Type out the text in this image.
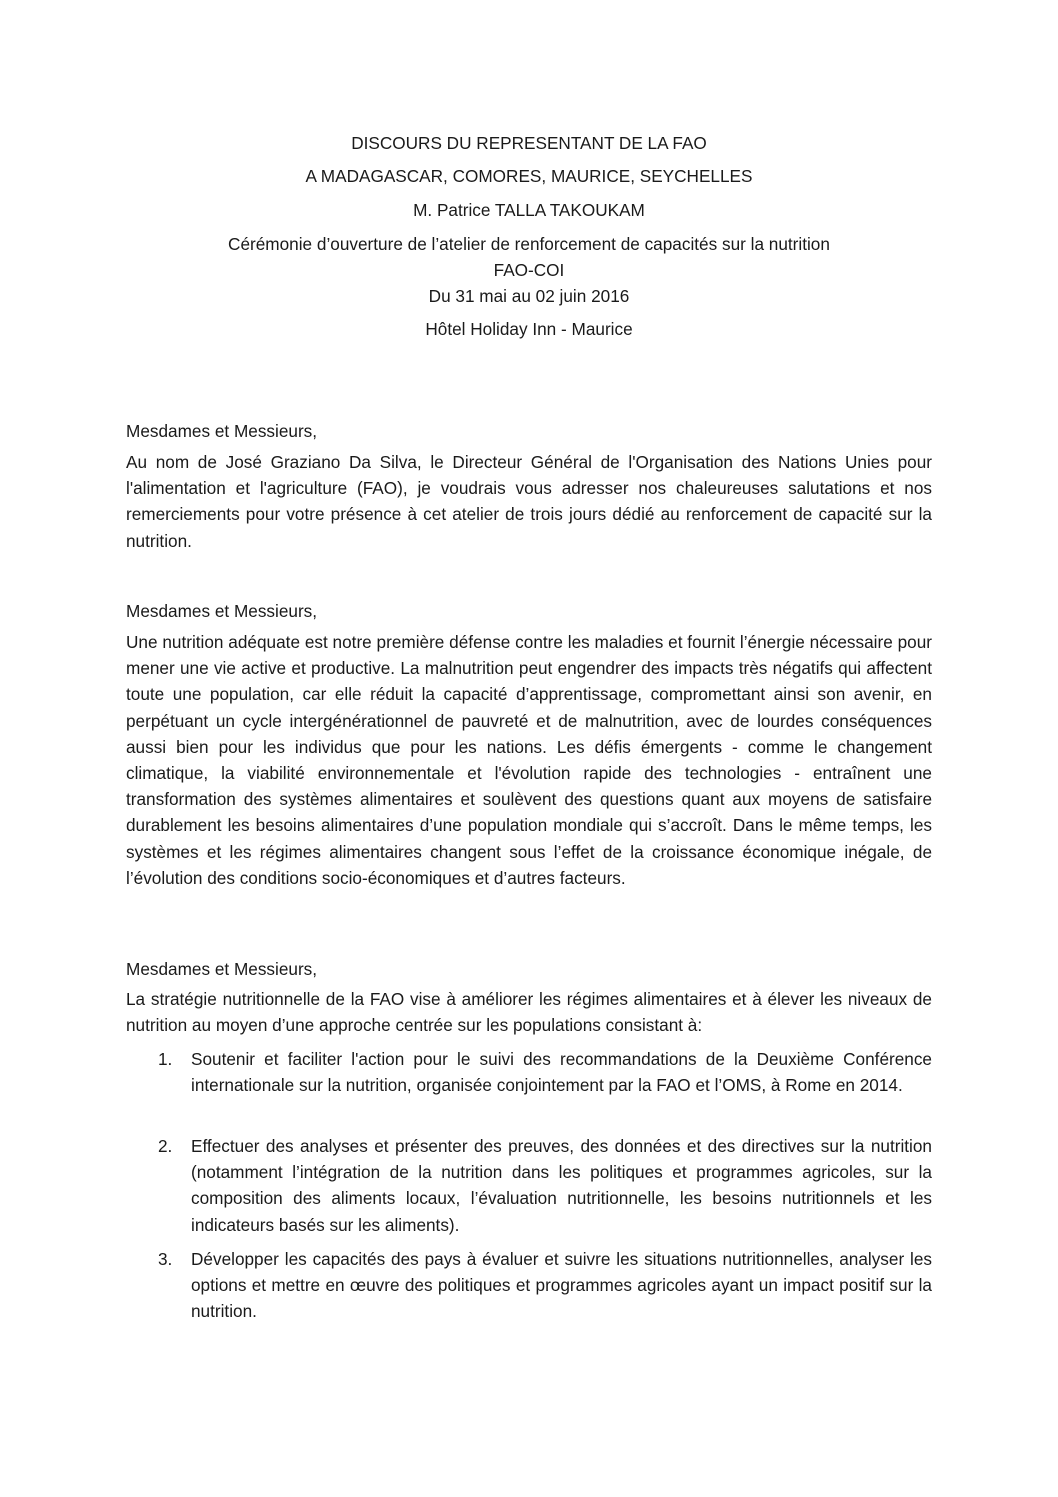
DISCOURS DU REPRESENTANT DE LA FAO
A MADAGASCAR, COMORES, MAURICE, SEYCHELLES
M. Patrice TALLA TAKOUKAM
Cérémonie d’ouverture de l’atelier de renforcement de capacités sur la nutrition
FAO-COI
Du 31 mai au 02 juin 2016
Hôtel Holiday Inn - Maurice
Mesdames et Messieurs,

Au nom de José Graziano Da Silva, le Directeur Général de l'Organisation des Nations Unies pour l'alimentation et l'agriculture (FAO), je voudrais vous adresser nos chaleureuses salutations et nos remerciements pour votre présence à cet atelier de trois jours dédié au renforcement de capacité sur la nutrition.

Mesdames et Messieurs,

Une nutrition adéquate est notre première défense contre les maladies et fournit l’énergie nécessaire pour mener une vie active et productive. La malnutrition peut engendrer des impacts très négatifs qui affectent toute une population, car elle réduit la capacité d’apprentissage, compromettant ainsi son avenir, en perpétuant un cycle intergénérationnel de pauvreté et de malnutrition, avec de lourdes conséquences aussi bien pour les individus que pour les nations. Les défis émergents - comme le changement climatique, la viabilité environnementale et l'évolution rapide des technologies - entraînent une transformation des systèmes alimentaires et soulèvent des questions quant aux moyens de satisfaire durablement les besoins alimentaires d’une population mondiale qui s’accroît. Dans le même temps, les systèmes et les régimes alimentaires changent sous l’effet de la croissance économique inégale, de l’évolution des conditions socio-économiques et d’autres facteurs.

Mesdames et Messieurs,

La stratégie nutritionnelle de la FAO vise à améliorer les régimes alimentaires et à élever les niveaux de nutrition au moyen d’une approche centrée sur les populations consistant à:

1. Soutenir et faciliter l'action pour le suivi des recommandations de la Deuxième Conférence internationale sur la nutrition, organisée conjointement par la FAO et l’OMS, à Rome en 2014.

2. Effectuer des analyses et présenter des preuves, des données et des directives sur la nutrition (notamment l’intégration de la nutrition dans les politiques et programmes agricoles, sur la composition des aliments locaux, l’évaluation nutritionnelle, les besoins nutritionnels et les indicateurs basés sur les aliments).

3. Développer les capacités des pays à évaluer et suivre les situations nutritionnelles, analyser les options et mettre en œuvre des politiques et programmes agricoles ayant un impact positif sur la nutrition.
